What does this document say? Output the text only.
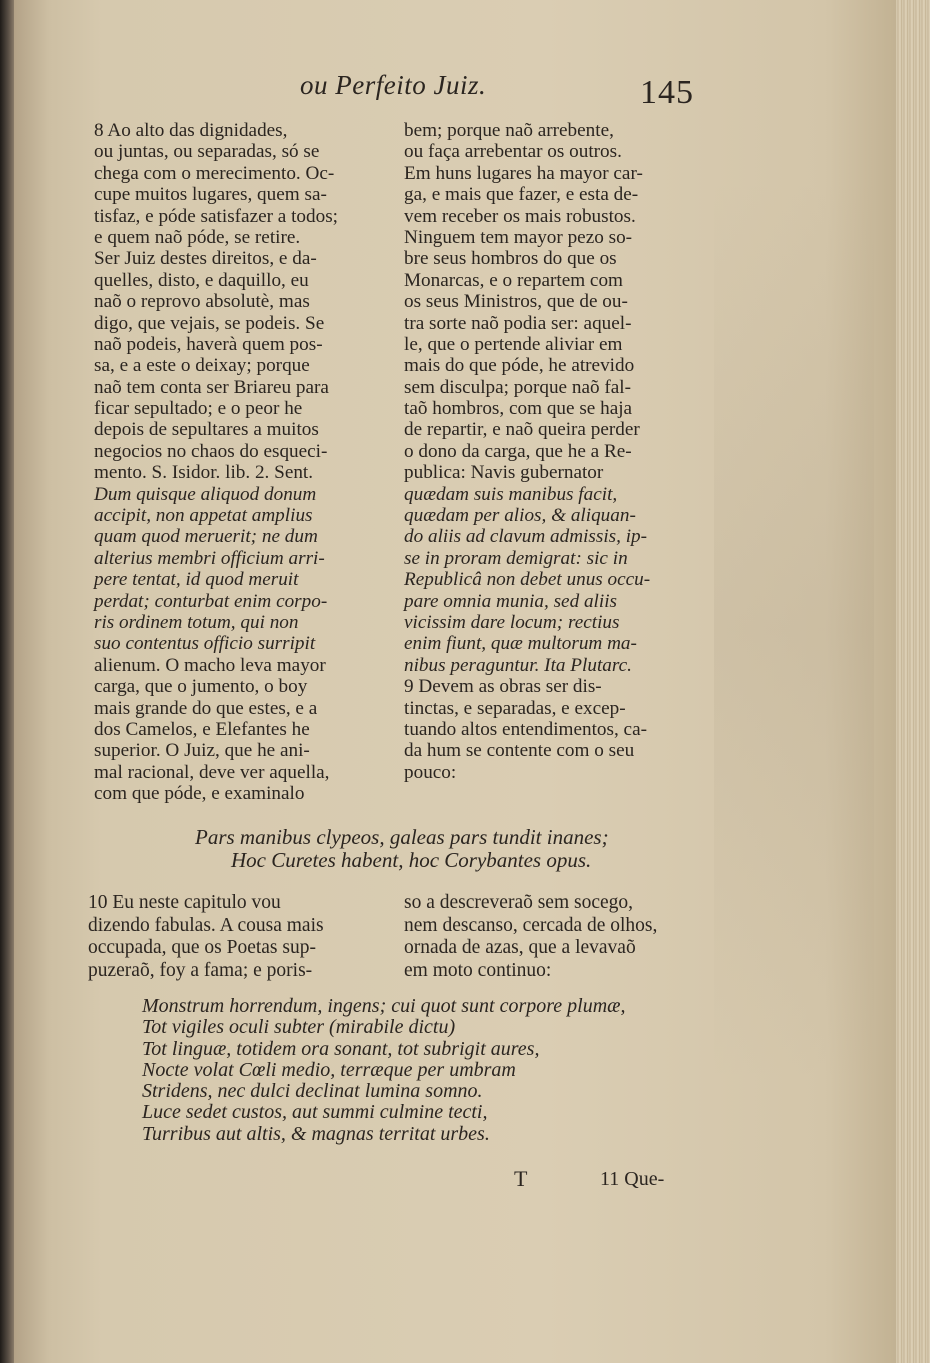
ou Perfeito Juiz.	145
8 Ao alto das dignidades,
ou juntas, ou separadas, só se
chega com o merecimento. Oc-
cupe muitos lugares, quem sa-
tisfaz, e póde satisfazer a todos;
e quem naõ póde, se retire.
Ser Juiz destes direitos, e da-
quelles, disto, e daquillo, eu
naõ o reprovo absolutè, mas
digo, que vejais, se podeis. Se
naõ podeis, haverà quem pos-
sa, e a este o deixay; porque
naõ tem conta ser Briareu para
ficar sepultado; e o peor he
depois de sepultares a muitos
negocios no chaos do esqueci-
mento. S. Isidor. lib. 2. Sent.
Dum quisque aliquod donum
accipit, non appetat amplius
quam quod meruerit; ne dum
alterius membri officium arri-
pere tentat, id quod meruit
perdat; conturbat enim corpo-
ris ordinem totum, qui non
suo contentus officio surripit
alienum. O macho leva mayor
carga, que o jumento, o boy
mais grande do que estes, e a
dos Camelos, e Elefantes he
superior. O Juiz, que he ani-
mal racional, deve ver aquella,
com que póde, e examinalo
bem; porque naõ arrebente,
ou faça arrebentar os outros.
Em huns lugares ha mayor car-
ga, e mais que fazer, e esta de-
vem receber os mais robustos.
Ninguem tem mayor pezo so-
bre seus hombros do que os
Monarcas, e o repartem com
os seus Ministros, que de ou-
tra sorte naõ podia ser: aquel-
le, que o pertende aliviar em
mais do que póde, he atrevido
sem disculpa; porque naõ fal-
taõ hombros, com que se haja
de repartir, e naõ queira perder
o dono da carga, que he a Re-
publica: Navis gubernator
quædam suis manibus facit,
quædam per alios, & aliquan-
do aliis ad clavum admissis, ip-
se in proram demigrat: sic in
Republicâ non debet unus occu-
pare omnia munia, sed aliis
vicissim dare locum; rectius
enim fiunt, quæ multorum ma-
nibus peraguntur. Ita Plutarc.
9 Devem as obras ser dis-
tinctas, e separadas, e excep-
tuando altos entendimentos, ca-
da hum se contente com o seu
pouco:
Pars manibus clypeos, galeas pars tundit inanes;
Hoc Curetes habent, hoc Corybantes opus.
10 Eu neste capitulo vou
dizendo fabulas. A cousa mais
occupada, que os Poetas sup-
puzeraõ, foy a fama; e poris-
so a descreveraõ sem socego,
nem descanso, cercada de olhos,
ornada de azas, que a levavaõ
em moto continuo:
Monstrum horrendum, ingens; cui quot sunt corpore plumæ,
Tot vigiles oculi subter (mirabile dictu)
Tot linguæ, totidem ora sonant, tot subrigit aures,
Nocte volat Cœli medio, terræque per umbram
Stridens, nec dulci declinat lumina somno.
Luce sedet custos, aut summi culmine tecti,
Turribus aut altis, & magnas territat urbes.
T	11 Que-
